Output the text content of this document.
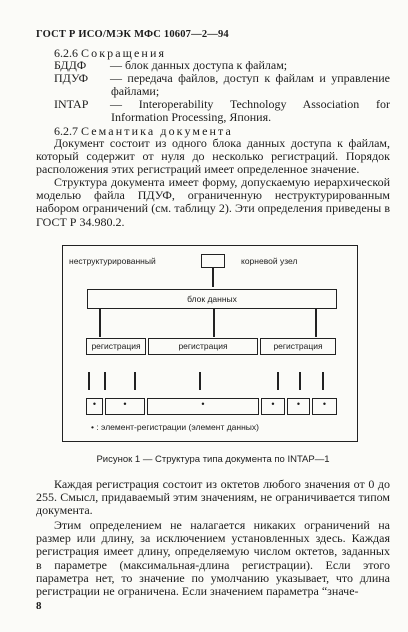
ГОСТ Р ИСО/МЭК МФС 10607—2—94
6.2.6 Сокращения
БДДФ	— блок данных доступа к файлам;
ПДУФ	— передача файлов, доступ к файлам и управление
файлами;
INTAP	— Interoperability Technology Association for
Information Processing, Япония.
6.2.7 Семантика документа

Документ состоит из одного блока данных доступа к файлам, который содержит от нуля до несколько регистраций. Порядок расположения этих регистраций имеет определенное значение.

Структура документа имеет форму, допускаемую иерархической моделью файла ПДУФ, ограниченную неструктурированным набором ограничений (см. таблицу 2). Эти определения приведены в ГОСТ Р 34.980.2.

неструктурированный	корневой узел
блок данных
регистрация	регистрация	регистрация
•	•	•	•	•	•
• : элемент-регистрации (элемент данных)
Рисунок 1 — Структура типа документа по INTAP—1

Каждая регистрация состоит из октетов любого значения от 0 до 255. Смысл, придаваемый этим значениям, не ограничивается типом документа.

Этим определением не налагается никаких ограничений на размер или длину, за исключением установленных здесь. Каждая регистрация имеет длину, определяемую числом октетов, заданных в параметре (максимальная-длина регистрации). Если этого параметра нет, то значение по умолчанию указывает, что длина регистрации не ограничена. Если значением параметра “значе-

8
